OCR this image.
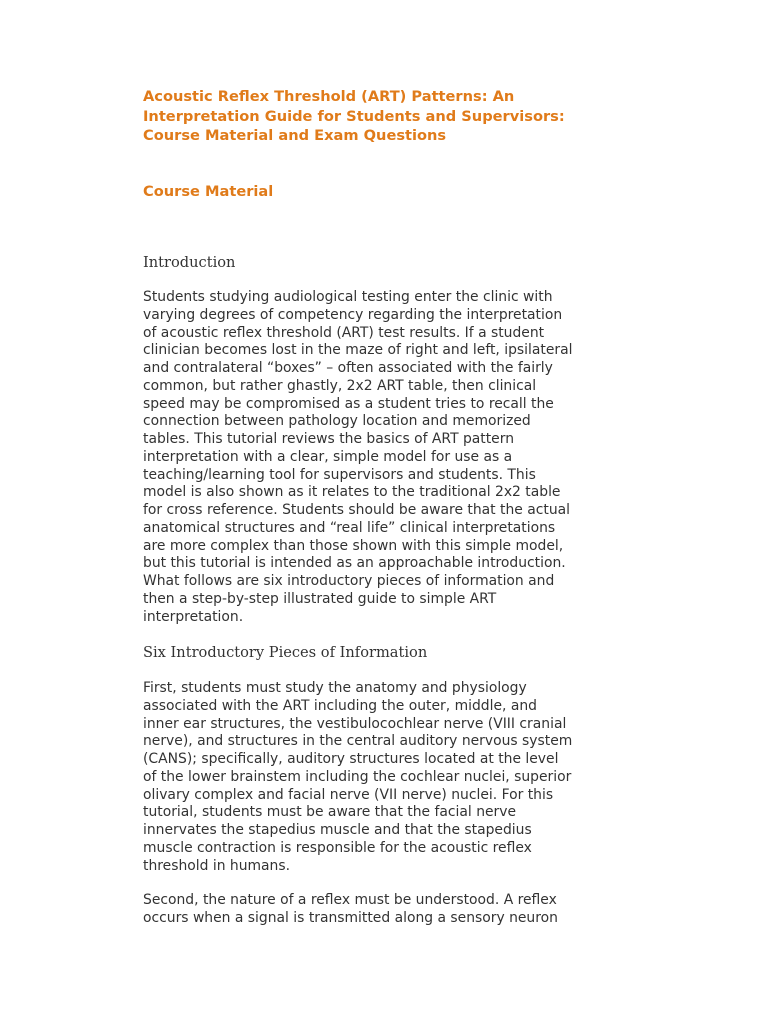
Acoustic Reflex Threshold (ART) Patterns: An
Interpretation Guide for Students and Supervisors:
Course Material and Exam Questions
Course Material
Introduction
Students studying audiological testing enter the clinic with
varying degrees of competency regarding the interpretation
of acoustic reflex threshold (ART) test results. If a student
clinician becomes lost in the maze of right and left, ipsilateral
and contralateral “boxes” – often associated with the fairly
common, but rather ghastly, 2x2 ART table, then clinical
speed may be compromised as a student tries to recall the
connection between pathology location and memorized
tables. This tutorial reviews the basics of ART pattern
interpretation with a clear, simple model for use as a
teaching/learning tool for supervisors and students. This
model is also shown as it relates to the traditional 2x2 table
for cross reference. Students should be aware that the actual
anatomical structures and “real life” clinical interpretations
are more complex than those shown with this simple model,
but this tutorial is intended as an approachable introduction.
What follows are six introductory pieces of information and
then a step-by-step illustrated guide to simple ART
interpretation.
Six Introductory Pieces of Information
First, students must study the anatomy and physiology
associated with the ART including the outer, middle, and
inner ear structures, the vestibulocochlear nerve (VIII cranial
nerve), and structures in the central auditory nervous system
(CANS); specifically, auditory structures located at the level
of the lower brainstem including the cochlear nuclei, superior
olivary complex and facial nerve (VII nerve) nuclei. For this
tutorial, students must be aware that the facial nerve
innervates the stapedius muscle and that the stapedius
muscle contraction is responsible for the acoustic reflex
threshold in humans.
Second, the nature of a reflex must be understood. A reflex
occurs when a signal is transmitted along a sensory neuron
